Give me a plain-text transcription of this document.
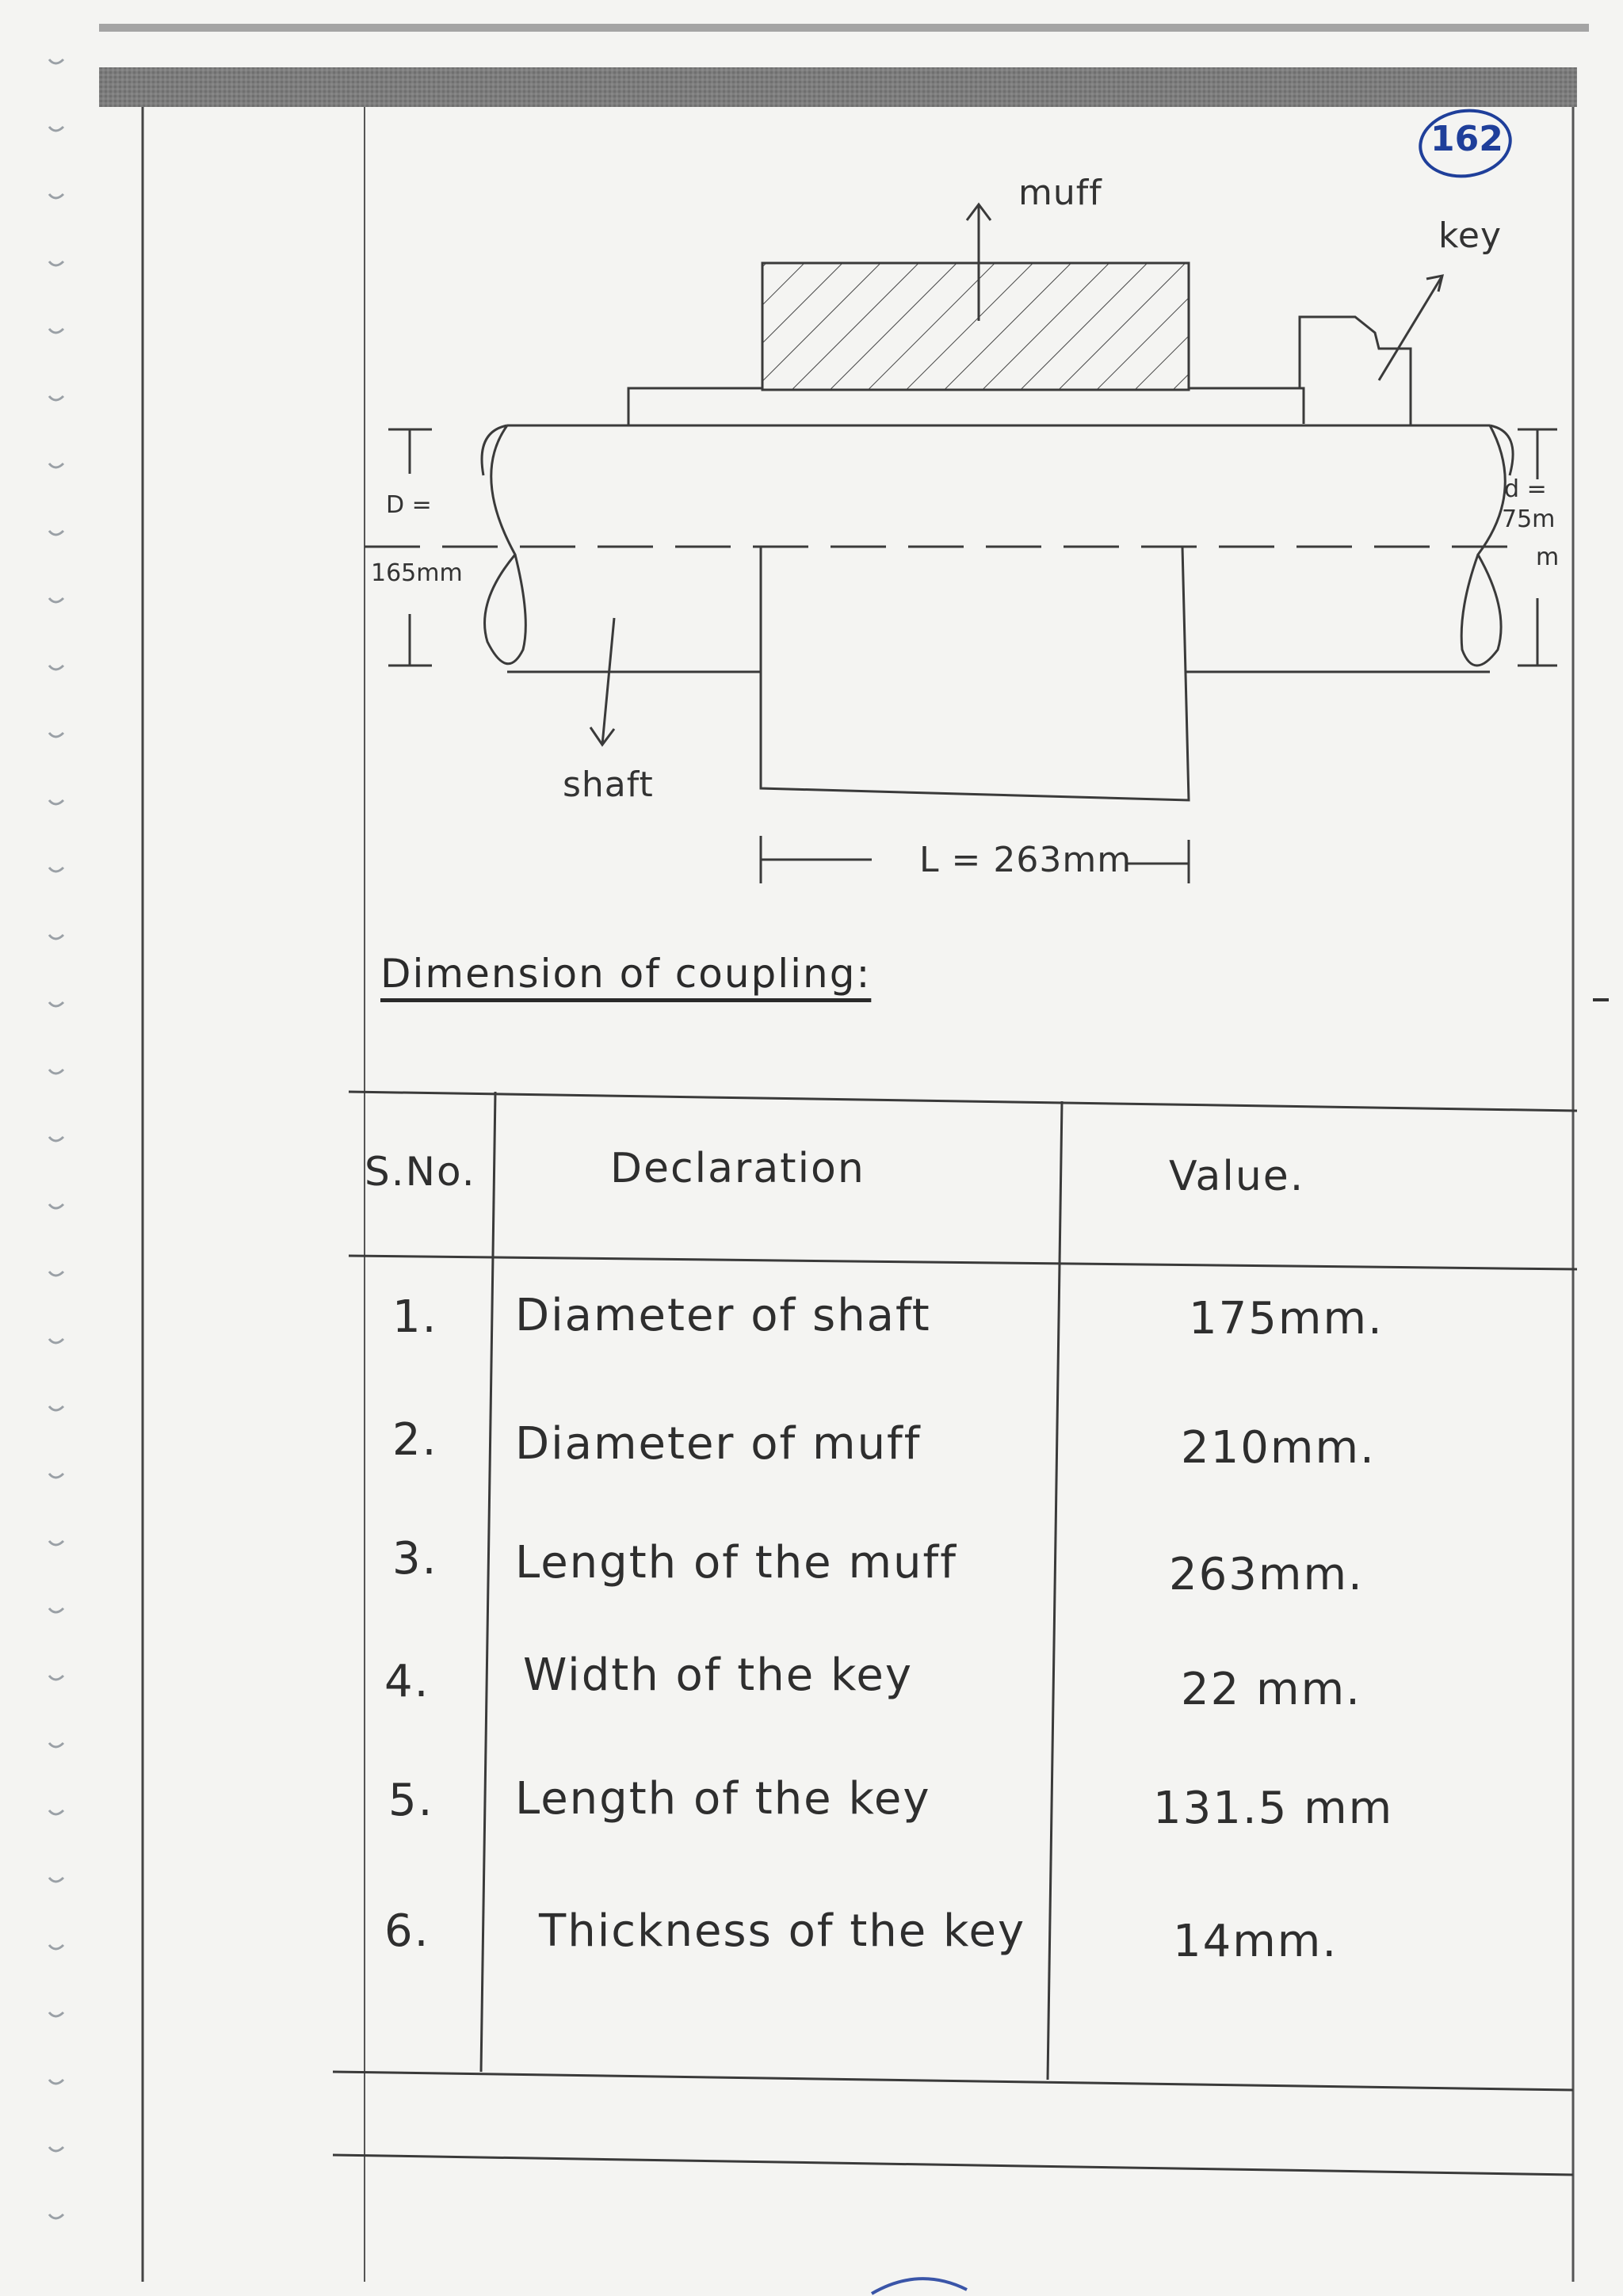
162
muff
key
shaft
D =
165mm
d =
75m
m
L = 263mm
Dimension of coupling:
S.No.	Declaration	Value.
1. Diameter of shaft	175mm.
2. Diameter of muff	210mm.
3. Length of the muff	263mm.
4. Width of the key	22 mm.
5. Length of the key	131.5 mm
6. Thickness of the key	14mm.
